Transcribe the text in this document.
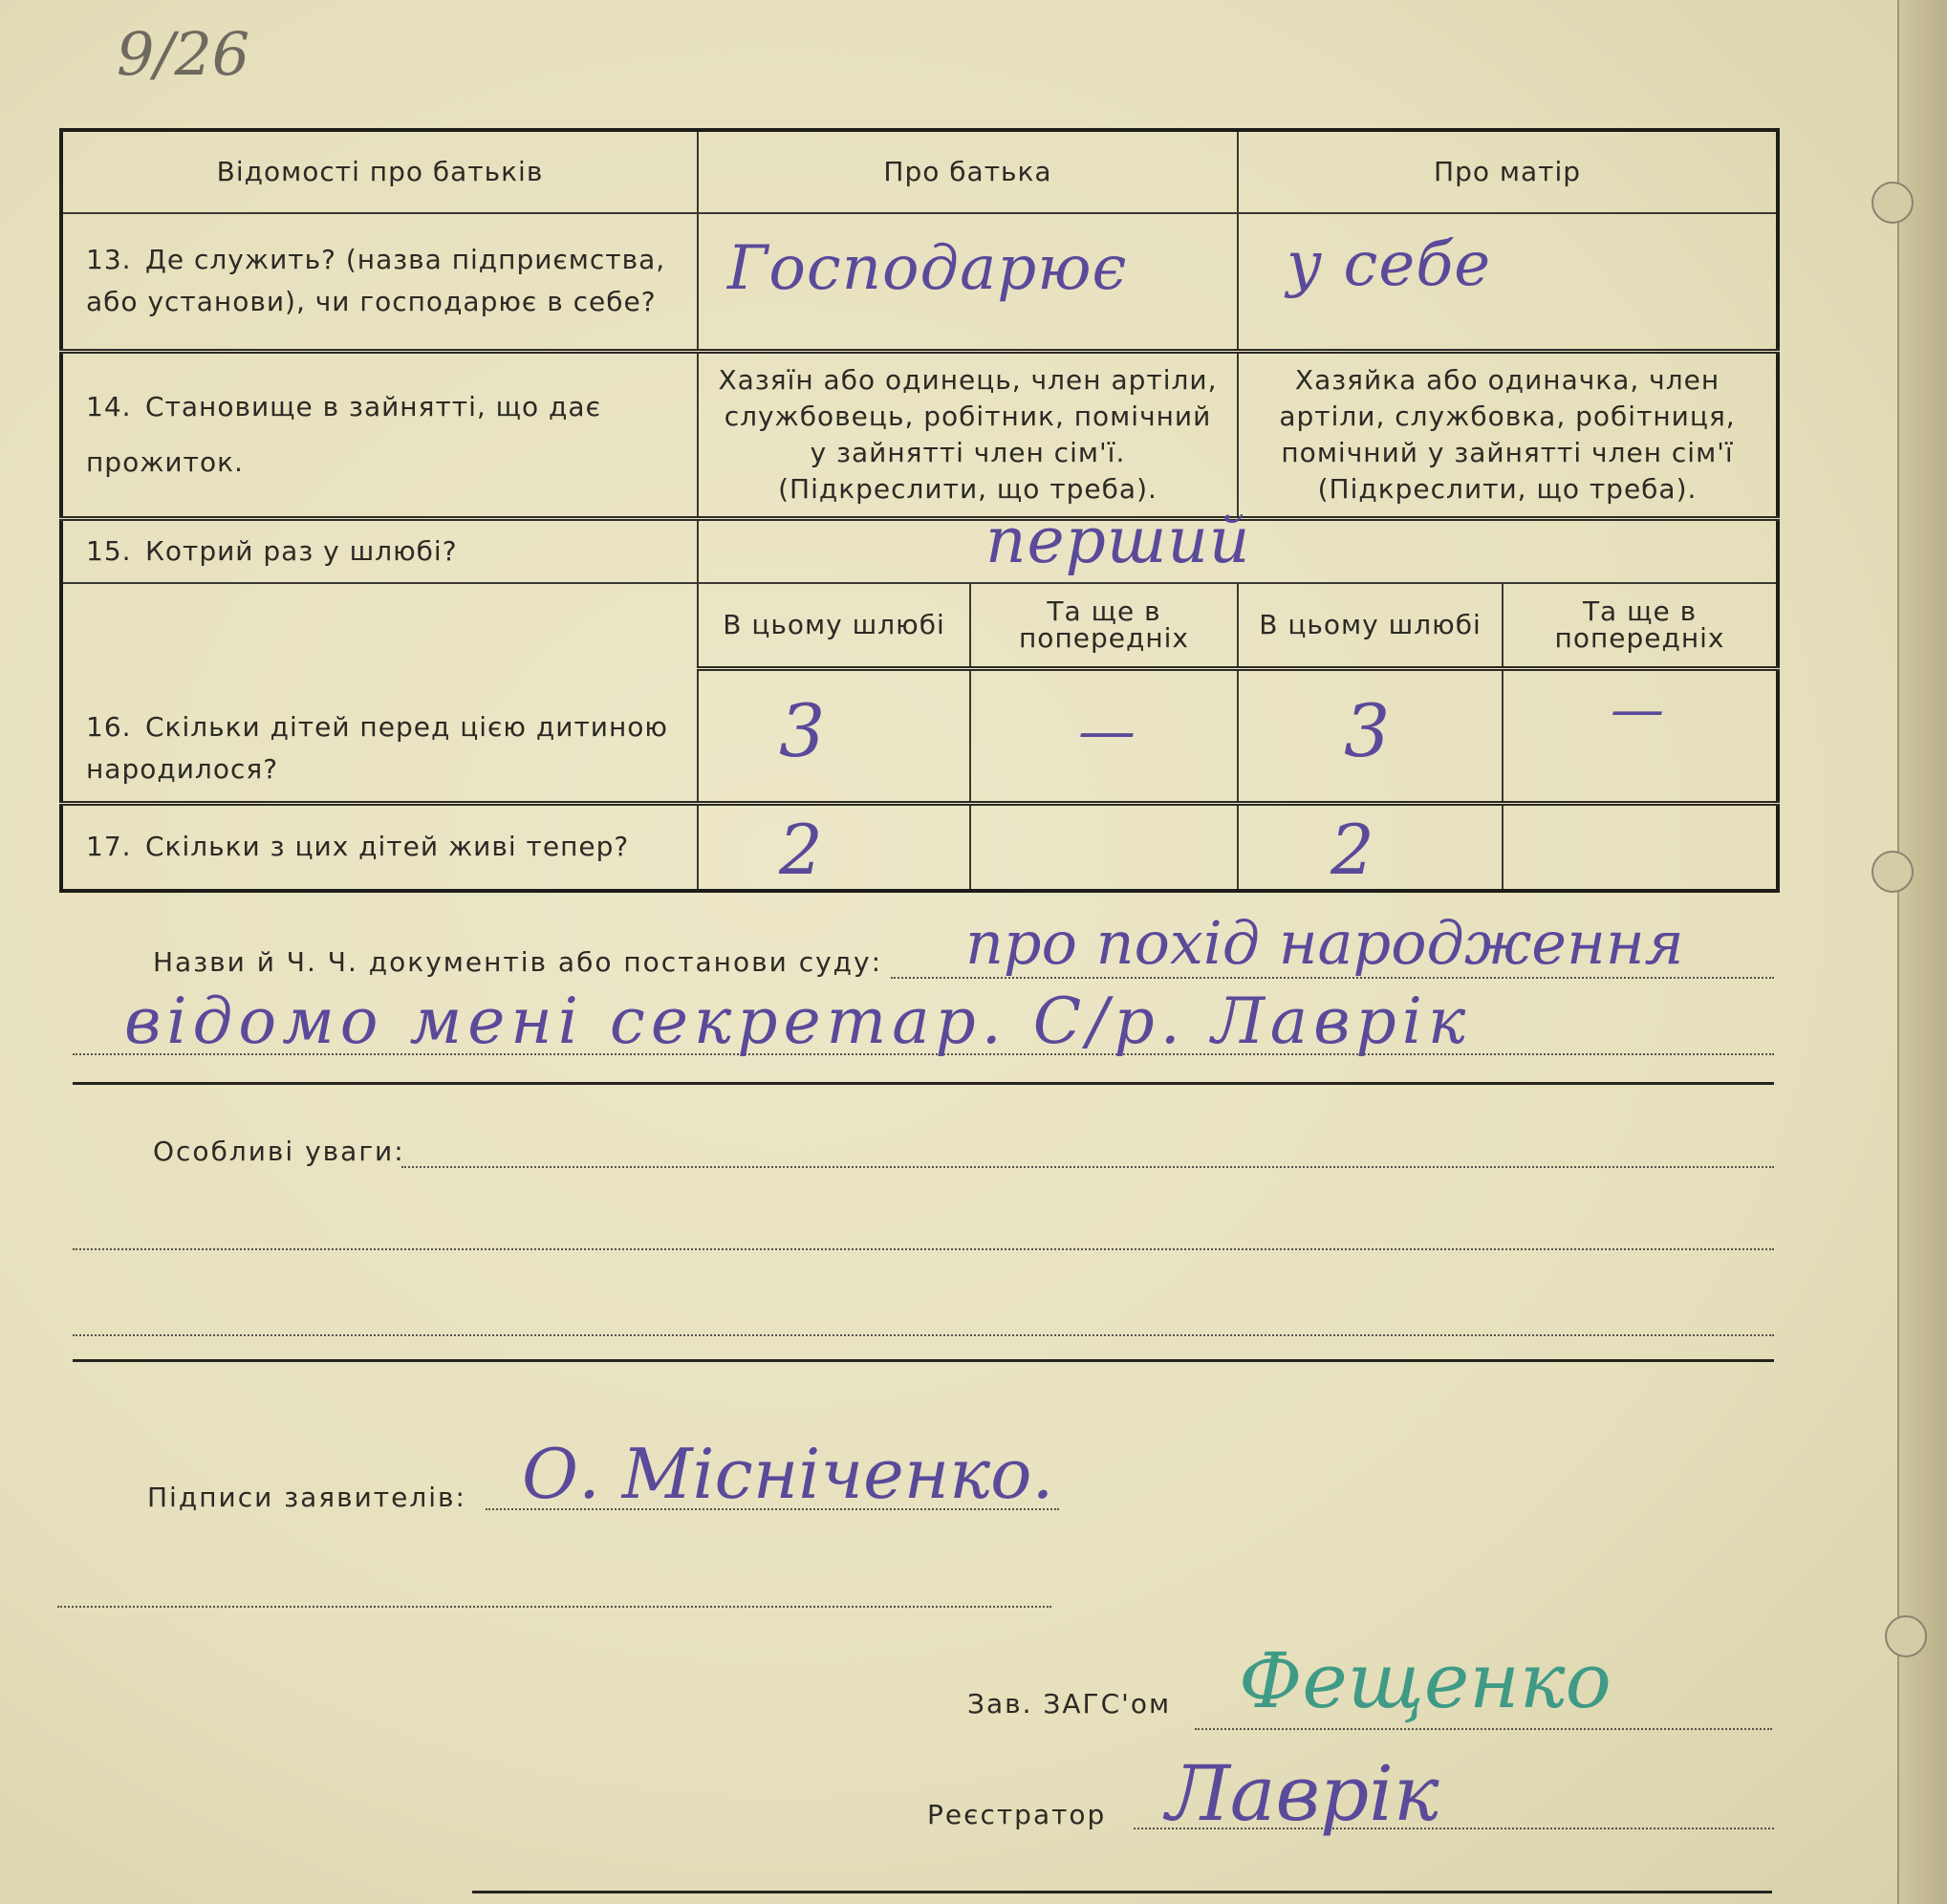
9/26
Відомості про батьків	Про батька		Про матір	
13. Де служить? (назва підприємства, або установи), чи господарює в себе?	Господарює		у себе	

14. Становище в зайнятті, що дає прожиток.	Хазяїн або одинець, член артіли, службовець, робітник, помічний у зайнятті член сім'ї. (Підкреслити, що треба).		Хазяйка або одиначка, член артіли, службовка, робітниця, помічний у зайнятті член сім'ї (Підкреслити, що треба).	
15. Котрий раз у шлюбі?	перший			

16. Скільки дітей перед цією дитиною народилося?	В цьому шлюбі	Та ще в попередніх	В цьому шлюбі	Та ще в попередніх

	3	—	3	—

17. Скільки з цих дітей живі тепер?	2		2	

Назви й Ч. Ч. документів або постанови суду: про похід народження
відомо мені секретар. С/р. Лаврік
Особливі уваги:
Підписи заявителів: О. Місніченко.
Зав. ЗАГС'ом Фещенко
Реєстратор Лаврік
